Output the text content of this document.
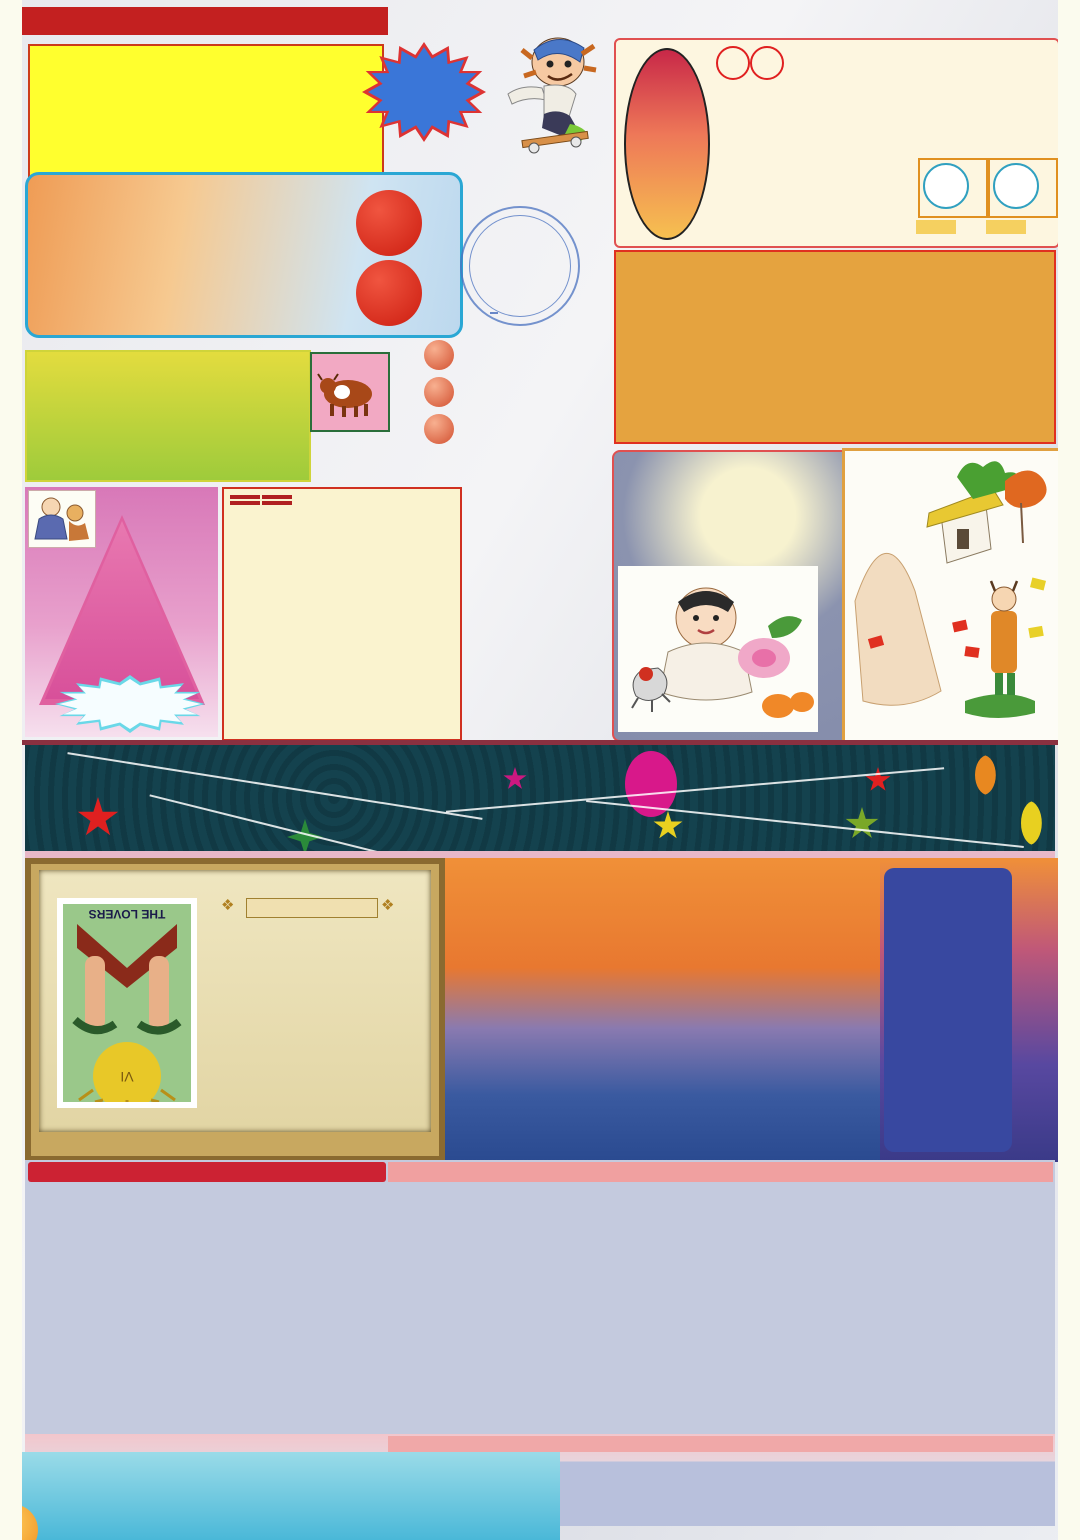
THE LOVERS
VI
❖	❖
